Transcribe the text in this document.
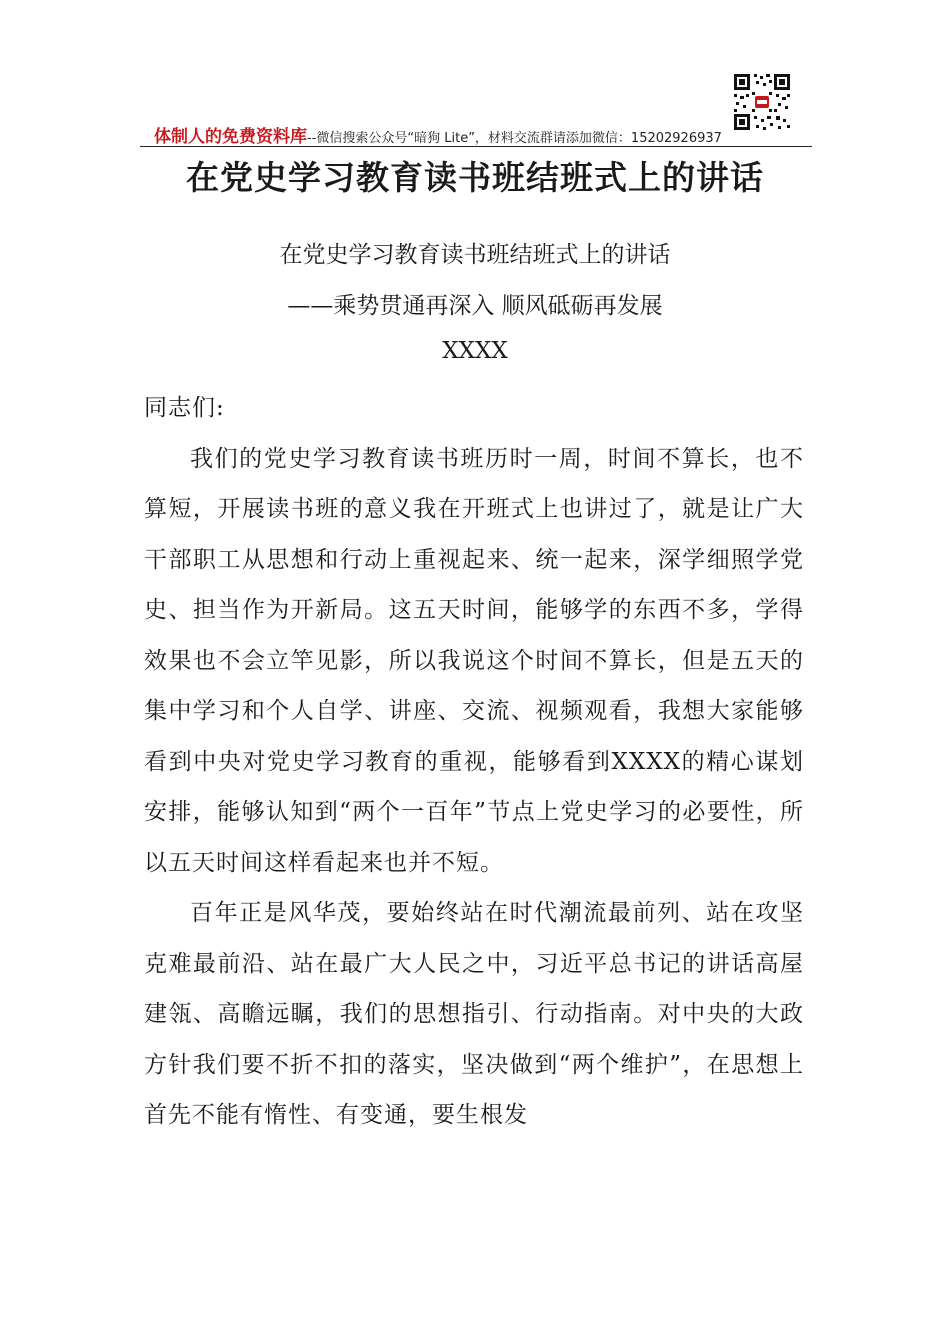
体制人的免费资料库--微信搜索公众号“暗狗 Lite”，材料交流群请添加微信：15202926937
在党史学习教育读书班结班式上的讲话
在党史学习教育读书班结班式上的讲话
——乘势贯通再深入 顺风砥砺再发展
XXXX

同志们:

我们的党史学习教育读书班历时一周，时间不算长，也不算短，开展读书班的意义我在开班式上也讲过了，就是让广大干部职工从思想和行动上重视起来、统一起来，深学细照学党史、担当作为开新局。这五天时间，能够学的东西不多，学得效果也不会立竿见影，所以我说这个时间不算长，但是五天的集中学习和个人自学、讲座、交流、视频观看，我想大家能够看到中央对党史学习教育的重视，能够看到XXXX的精心谋划安排，能够认知到“两个一百年”节点上党史学习的必要性，所以五天时间这样看起来也并不短。

百年正是风华茂，要始终站在时代潮流最前列、站在攻坚克难最前沿、站在最广大人民之中，习近平总书记的讲话高屋建瓴、高瞻远瞩，我们的思想指引、行动指南。对中央的大政方针我们要不折不扣的落实，坚决做到“两个维护”，在思想上首先不能有惰性、有变通，要生根发
